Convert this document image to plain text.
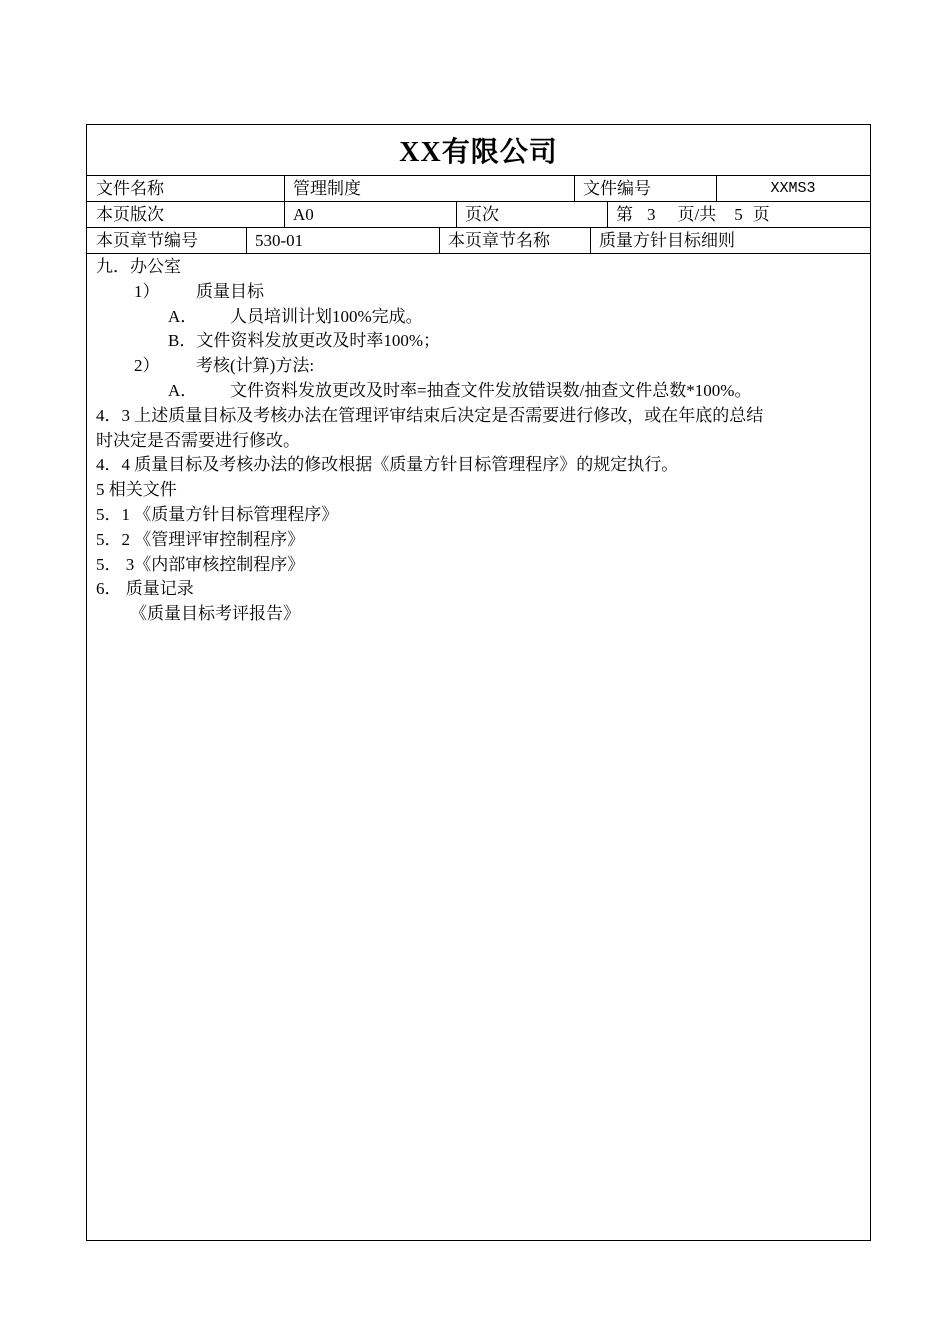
XX有限公司
文件名称	管理制度	文件编号	XXMS3
本页版次	A0	页次	第 3 页/共 5 页
本页章节编号	530-01	本页章节名称	质量方针目标细则
九．办公室
1） 质量目标
A． 人员培训计划100%完成。
B．文件资料发放更改及时率100%；
2） 考核(计算)方法:
A． 文件资料发放更改及时率=抽查文件发放错误数/抽查文件总数*100%。
4．3 上述质量目标及考核办法在管理评审结束后决定是否需要进行修改，或在年底的总结
时决定是否需要进行修改。
4．4 质量目标及考核办法的修改根据《质量方针目标管理程序》的规定执行。
5 相关文件
5．1 《质量方针目标管理程序》
5．2 《管理评审控制程序》
5． 3《内部审核控制程序》
6． 质量记录
《质量目标考评报告》
